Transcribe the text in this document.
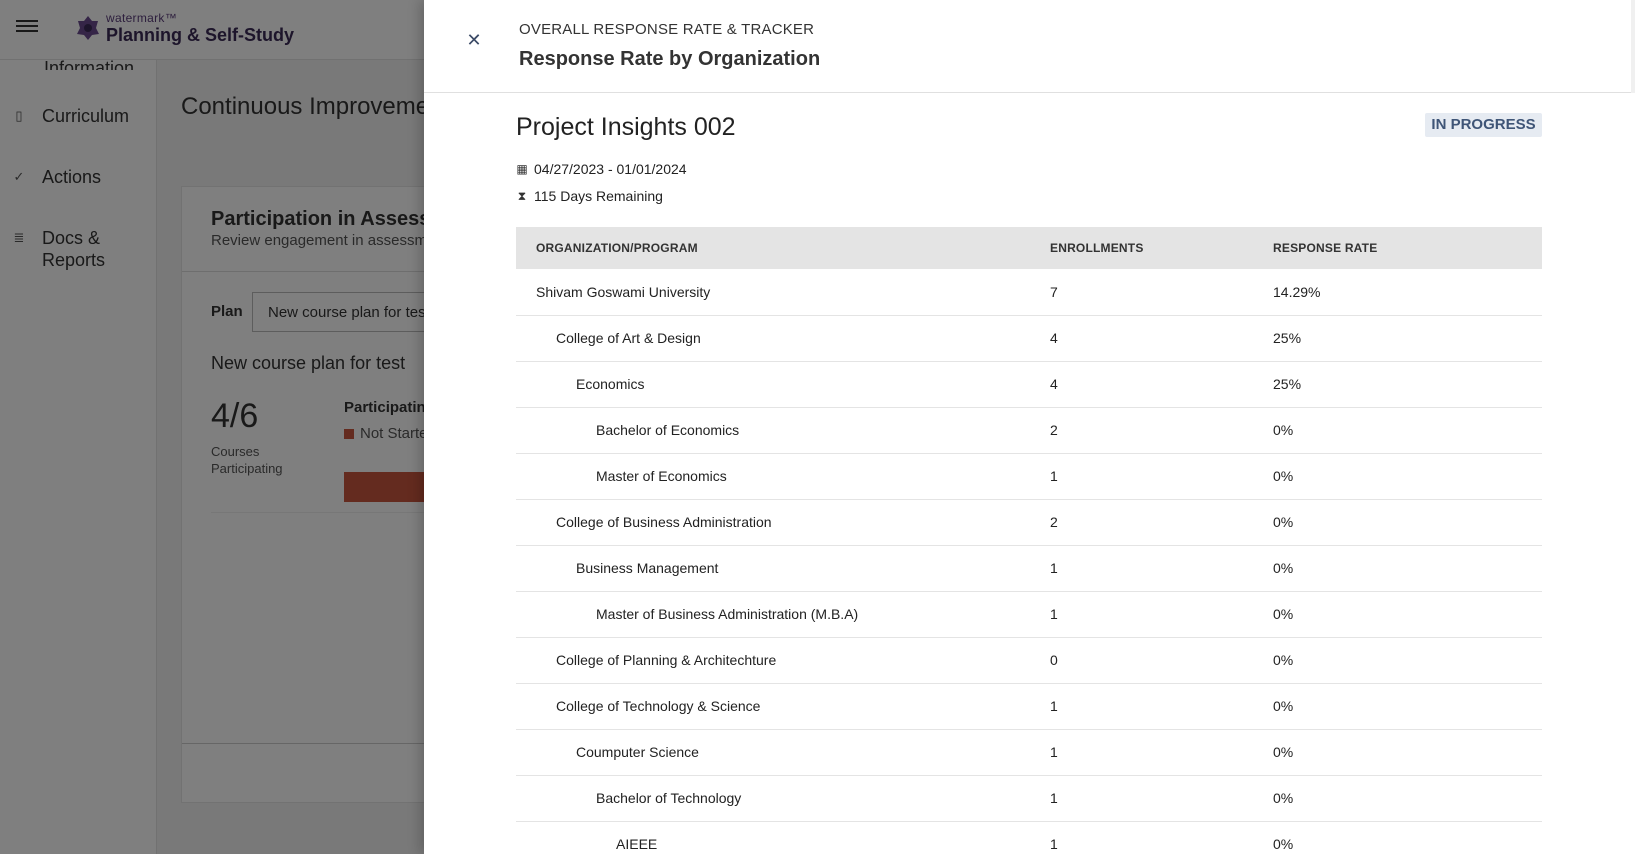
✕
OVERALL RESPONSE RATE & TRACKER
Response Rate by Organization
Project Insights 002	IN PROGRESS
▦ 04/27/2023 - 01/01/2024
⧗ 115 Days Remaining
ORGANIZATION/PROGRAM	ENROLLMENTS	RESPONSE RATE
Shivam Goswami University	7	14.29%
College of Art & Design	4	25%
Economics	4	25%
Bachelor of Economics	2	0%
Master of Economics	1	0%
College of Business Administration	2	0%
Business Management	1	0%
Master of Business Administration (M.B.A)	1	0%
College of Planning & Architechture	0	0%
College of Technology & Science	1	0%
Coumputer Science	1	0%
Bachelor of Technology	1	0%
AIEEE	1	0%
